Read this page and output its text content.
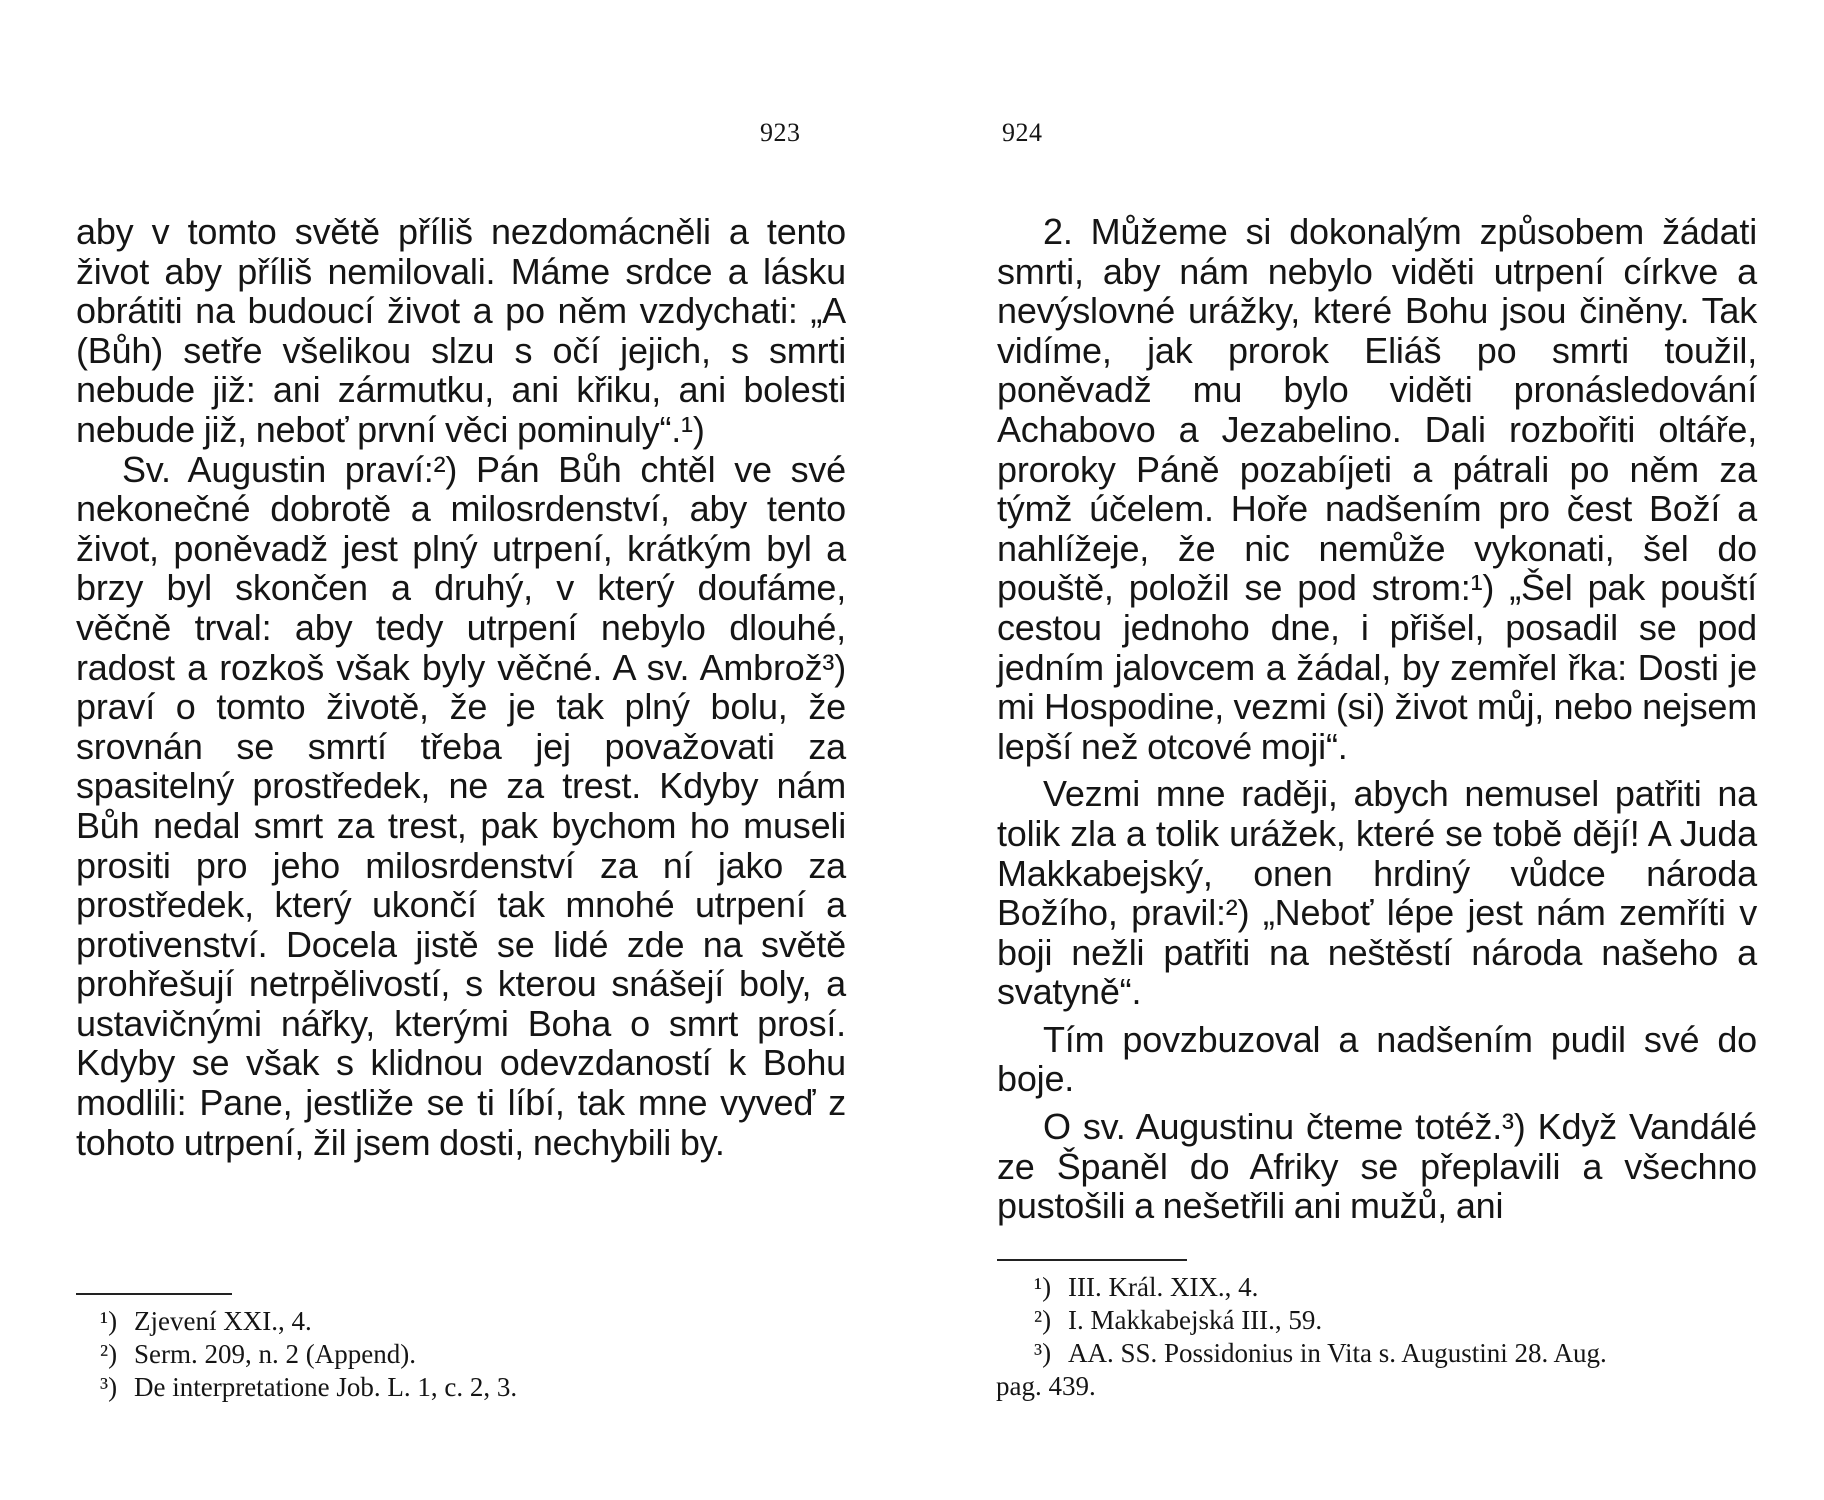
923	924

aby v tomto světě příliš nezdomácněli a tento život aby příliš nemilovali. Máme srdce a lásku obrátiti na budoucí život a po něm vzdychati: „A (Bůh) setře všelikou slzu s očí jejich, s smrti nebude již: ani zármutku, ani křiku, ani bolesti nebude již, neboť první věci pominuly“.¹)

Sv. Augustin praví:²) Pán Bůh chtěl ve své nekonečné dobrotě a milosrdenství, aby tento život, poněvadž jest plný utrpení, krátkým byl a brzy byl skončen a druhý, v který doufáme, věčně trval: aby tedy utrpení nebylo dlouhé, radost a rozkoš však byly věčné. A sv. Ambrož³) praví o tomto životě, že je tak plný bolu, že srovnán se smrtí třeba jej považovati za spasitelný prostředek, ne za trest. Kdyby nám Bůh nedal smrt za trest, pak bychom ho museli prositi pro jeho milosrdenství za ní jako za prostředek, který ukončí tak mnohé utrpení a protivenství. Docela jistě se lidé zde na světě prohřešují netrpělivostí, s kterou snášejí boly, a ustavičnými nářky, kterými Boha o smrt prosí. Kdyby se však s klidnou odevzdaností k Bohu modlili: Pane, jestliže se ti líbí, tak mne vyveď z tohoto utrpení, žil jsem dosti, nechybili by.

¹) Zjevení XXI., 4.

²) Serm. 209, n. 2 (Append).

³) De interpretatione Job. L. 1, c. 2, 3.

2. Můžeme si dokonalým způsobem žádati smrti, aby nám nebylo viděti utrpení církve a nevýslovné urážky, které Bohu jsou činěny. Tak vidíme, jak prorok Eliáš po smrti toužil, poněvadž mu bylo viděti pronásledování Achabovo a Jezabelino. Dali rozbořiti oltáře, proroky Páně pozabíjeti a pátrali po něm za týmž účelem. Hoře nadšením pro čest Boží a nahlížeje, že nic nemůže vykonati, šel do pouště, položil se pod strom:¹) „Šel pak pouští cestou jednoho dne, i přišel, posadil se pod jedním jalovcem a žádal, by zemřel řka: Dosti je mi Hospodine, vezmi (si) život můj, nebo nejsem lepší než otcové moji“.

Vezmi mne raději, abych nemusel patřiti na tolik zla a tolik urážek, které se tobě dějí! A Juda Makkabejský, onen hrdiný vůdce národa Božího, pravil:²) „Neboť lépe jest nám zemříti v boji nežli patřiti na neštěstí národa našeho a svatyně“.

Tím povzbuzoval a nadšením pudil své do boje.

O sv. Augustinu čteme totéž.³) Když Vandálé ze Španěl do Afriky se přeplavili a všechno pustošili a nešetřili ani mužů, ani

¹) III. Král. XIX., 4.

²) I. Makkabejská III., 59.

³) AA. SS. Possidonius in Vita s. Augustini 28. Aug.

pag. 439.
